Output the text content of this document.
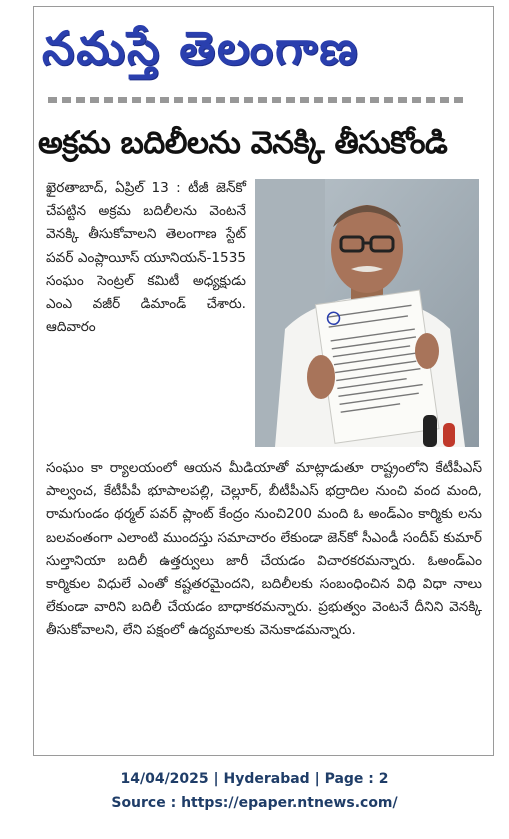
నమస్తే తెలంగాణ
అక్రమ బదిలీలను వెనక్కి తీసుకోండి
ఖైరతాబాద్, ఏప్రిల్ 13 : టీజీ జెన్‌కో చేపట్టిన అక్రమ బదిలీలను వెంటనే వెనక్కి తీసుకోవాలని తెలంగాణ స్టేట్ పవర్ ఎంప్లాయీస్ యూనియన్-1535 సంఘం సెంట్రల్ కమిటీ అధ్యక్షుడు ఎంఎ వజీర్ డిమాండ్ చేశారు. ఆదివారం
సంఘం కా ర్యాలయంలో ఆయన మీడియాతో మాట్లాడుతూ రాష్ట్రంలోని కేటీపీఎస్ పాల్వంచ, కేటీపీపీ భూపాలపల్లి, చెల్లూర్, బీటీపీఎస్ భద్రాదిల నుంచి వంద మంది, రామగుండం థర్మల్ పవర్ ప్లాంట్ కేంద్రం నుంచి200 మంది ఓ అండ్ఎం కార్మికు లను బలవంతంగా ఎలాంటి ముందస్తు సమాచారం లేకుండా జెన్‌కో సీఎండీ సందీప్ కుమార్ సుల్తానియా బదిలీ ఉత్తర్వులు జారీ చేయడం విచారకరమన్నారు. ఓఅండ్ఎం కార్మికుల విధులే ఎంతో కష్టతరమైందని, బదిలీలకు సంబంధించిన విధి విధా నాలు లేకుండా వారిని బదిలీ చేయడం బాధాకరమన్నారు. ప్రభుత్వం వెంటనే దీనిని వెనక్కి తీసుకోవాలని, లేని పక్షంలో ఉద్యమాలకు వెనుకాడమన్నారు.
14/04/2025 | Hyderabad | Page : 2
Source : https://epaper.ntnews.com/
